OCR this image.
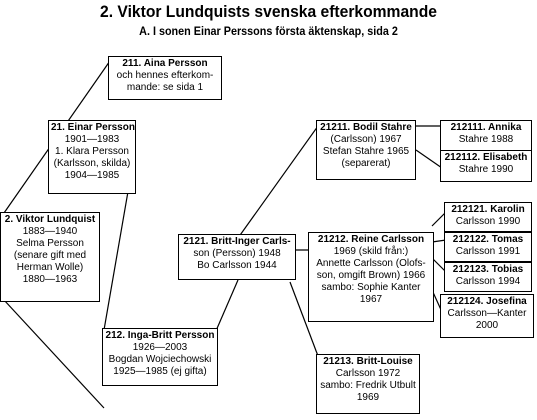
2. Viktor Lundquists svenska efterkommande
A. I sonen Einar Perssons första äktenskap, sida 2
211. Aina Persson
och hennes efterkom-
mande: se sida 1
21. Einar Persson
1901—1983
1. Klara Persson
(Karlsson, skilda)
1904—1985
2. Viktor Lundquist
1883—1940
Selma Persson
(senare gift med
Herman Wolle)
1880—1963
212. Inga-Britt Persson
1926—2003
Bogdan Wojciechowski
1925—1985 (ej gifta)
2121. Britt-Inger Carls-
son (Persson) 1948
Bo Carlsson 1944
21211. Bodil Stahre
(Carlsson) 1967
Stefan Stahre 1965
(separerat)
212111. Annika
Stahre 1988
212112. Elisabeth
Stahre 1990
21212. Reine Carlsson
1969 (skild från:)
Annette Carlsson (Olofs-
son, omgift Brown) 1966
sambo: Sophie Kanter
1967
212121. Karolin
Carlsson 1990
212122. Tomas
Carlsson 1991
212123. Tobias
Carlsson 1994
212124. Josefina
Carlsson—Kanter
2000
21213. Britt-Louise
Carlsson 1972
sambo: Fredrik Utbult
1969
